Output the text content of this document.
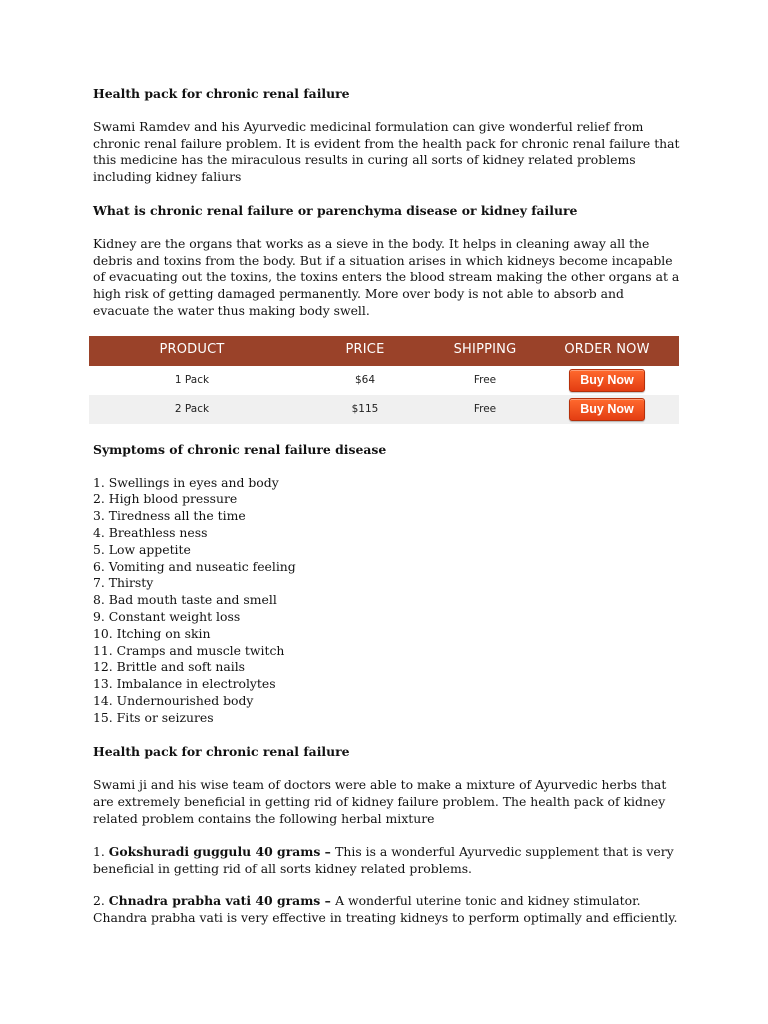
Health pack for chronic renal failure

Swami Ramdev and his Ayurvedic medicinal formulation can give wonderful relief from chronic renal failure problem. It is evident from the health pack for chronic renal failure that this medicine has the miraculous results in curing all sorts of kidney related problems including kidney faliurs

What is chronic renal failure or parenchyma disease or kidney failure

Kidney are the organs that works as a sieve in the body. It helps in cleaning away all the debris and toxins from the body. But if a situation arises in which kidneys become incapable of evacuating out the toxins, the toxins enters the blood stream making the other organs at a high risk of getting damaged permanently. More over body is not able to absorb and evacuate the water thus making body swell.

PRODUCT	PRICE	SHIPPING	ORDER NOW
1 Pack	$64	Free	Buy Now
2 Pack	$115	Free	Buy Now

Symptoms of chronic renal failure disease

1. Swellings in eyes and body
2. High blood pressure
3. Tiredness all the time
4. Breathless ness
5. Low appetite
6. Vomiting and nuseatic feeling
7. Thirsty
8. Bad mouth taste and smell
9. Constant weight loss
10. Itching on skin
11. Cramps and muscle twitch
12. Brittle and soft nails
13. Imbalance in electrolytes
14. Undernourished body
15. Fits or seizures

Health pack for chronic renal failure

Swami ji and his wise team of doctors were able to make a mixture of Ayurvedic herbs that are extremely beneficial in getting rid of kidney failure problem. The health pack of kidney related problem contains the following herbal mixture

1. Gokshuradi guggulu 40 grams – This is a wonderful Ayurvedic supplement that is very beneficial in getting rid of all sorts kidney related problems.

2. Chnadra prabha vati 40 grams – A wonderful uterine tonic and kidney stimulator. Chandra prabha vati is very effective in treating kidneys to perform optimally and efficiently.
